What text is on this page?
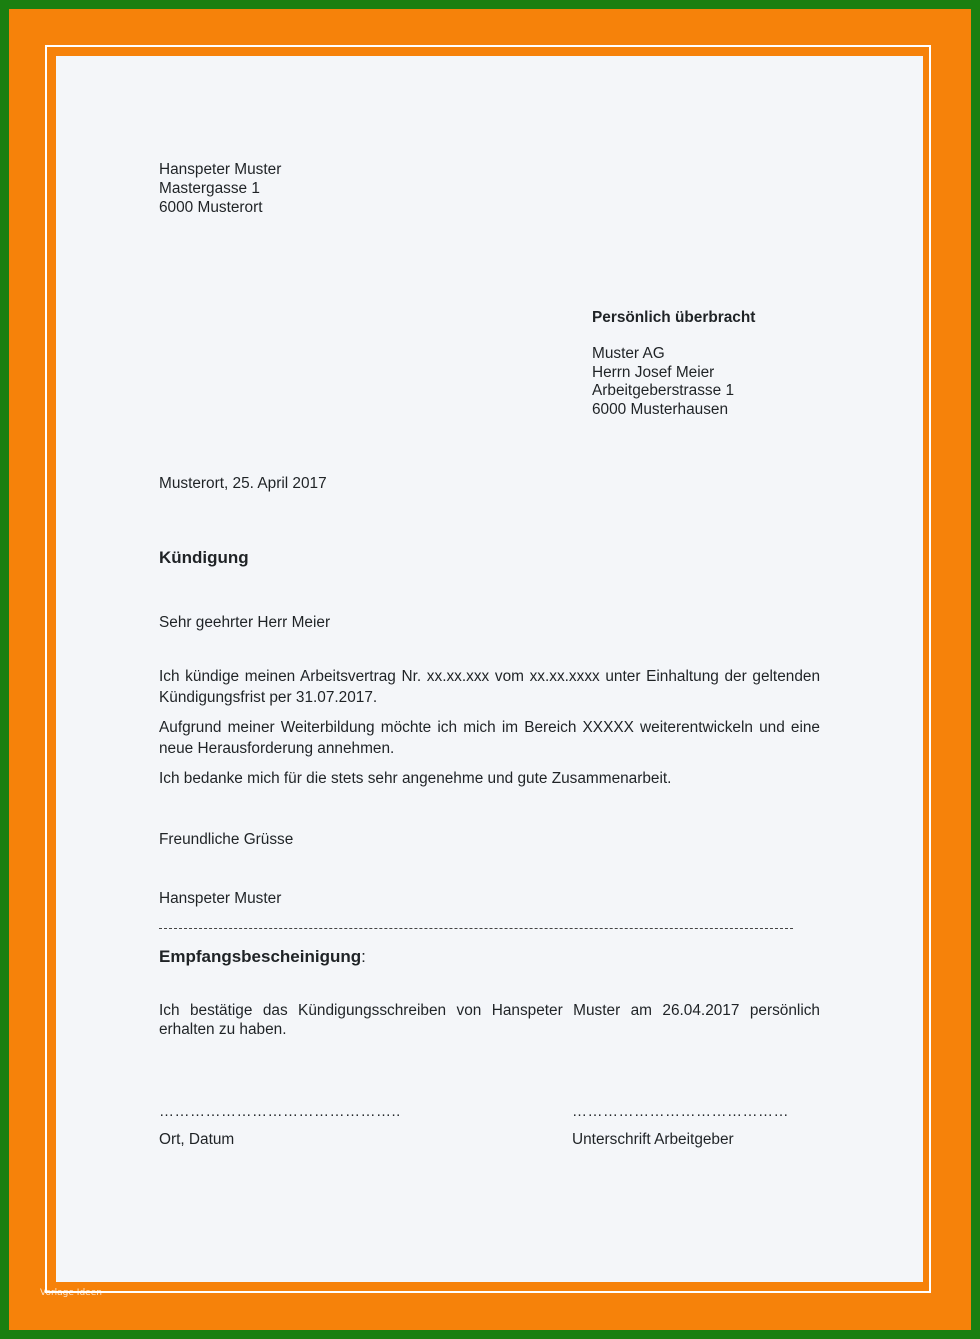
Hanspeter Muster
Mastergasse 1
6000 Musterort
Persönlich überbracht
Muster AG
Herrn Josef Meier
Arbeitgeberstrasse 1
6000 Musterhausen
Musterort, 25. April 2017
Kündigung
Sehr geehrter Herr Meier
Ich kündige meinen Arbeitsvertrag Nr. xx.xx.xxx vom xx.xx.xxxx unter Einhaltung der geltenden Kündigungsfrist per 31.07.2017.
Aufgrund meiner Weiterbildung möchte ich mich im Bereich XXXXX weiterentwickeln und eine neue Herausforderung annehmen.
Ich bedanke mich für die stets sehr angenehme und gute Zusammenarbeit.
Freundliche Grüsse
Hanspeter Muster
Empfangsbescheinigung:
Ich bestätige das Kündigungsschreiben von Hanspeter Muster am 26.04.2017 persönlich erhalten zu haben.
………………………………………..	……………………………………
Ort, Datum	Unterschrift Arbeitgeber
Vorlage Ideen
